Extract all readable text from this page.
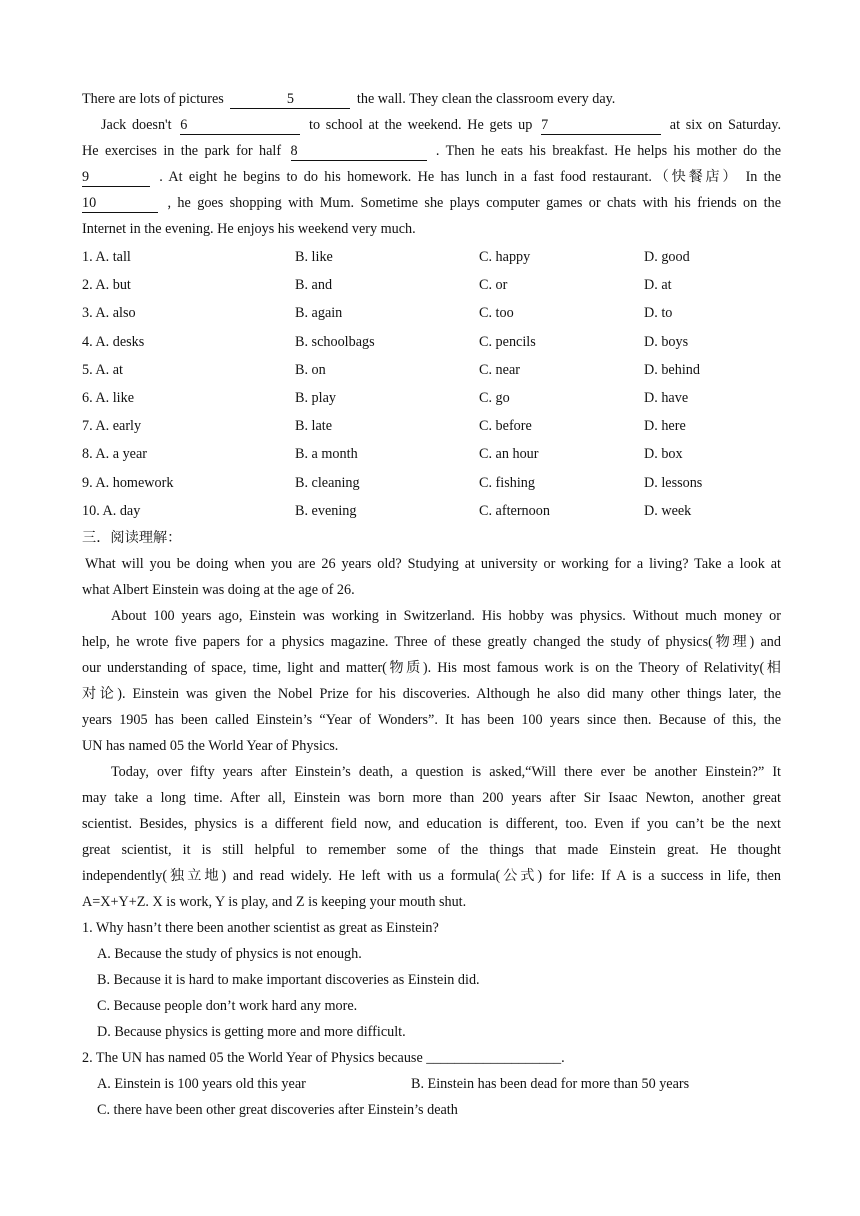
There are lots of pictures	5	the wall. They clean the classroom every day.
Jack doesn't 6	to school at the weekend. He gets up 7	at six on Saturday.
He exercises in the park for half 8	. Then he eats his breakfast. He helps his mother do the
9	. At eight he begins to do his homework. He has lunch in a fast food restaurant.（快餐店） In the
10	, he goes shopping with Mum. Sometime she plays computer games or chats with his friends on the
Internet in the evening. He enjoys his weekend very much.
1. A. tall	B. like	C. happy	D. good
2. A. but	B. and	C. or	D. at
3. A. also	B. again	C. too	D. to
4. A. desks	B. schoolbags	C. pencils	D. boys
5. A. at	B. on	C. near	D. behind
6. A. like	B. play	C. go	D. have
7. A. early	B. late	C. before	D. here
8. A. a year	B. a month	C. an hour	D. box
9. A. homework	B. cleaning	C. fishing	D. lessons
10. A. day	B. evening	C. afternoon	D. week
三．阅读理解：
What will you be doing when you are 26 years old? Studying at university or working for a living? Take a look at
what Albert Einstein was doing at the age of 26.
About 100 years ago, Einstein was working in Switzerland. His hobby was physics. Without much money or
help, he wrote five papers for a physics magazine. Three of these greatly changed the study of physics(物理) and
our understanding of space, time, light and matter(物质). His most famous work is on the Theory of Relativity(相
对论). Einstein was given the Nobel Prize for his discoveries. Although he also did many other things later, the
years 1905 has been called Einstein’s “Year of Wonders”. It has been 100 years since then. Because of this, the
UN has named 05 the World Year of Physics.
Today, over fifty years after Einstein’s death, a question is asked,“Will there ever be another Einstein?” It
may take a long time. After all, Einstein was born more than 200 years after Sir Isaac Newton, another great
scientist. Besides, physics is a different field now, and education is different, too. Even if you can’t be the next
great scientist, it is still helpful to remember some of the things that made Einstein great. He thought
independently(独立地) and read widely. He left with us a formula(公式) for life: If A is a success in life, then
A=X+Y+Z. X is work, Y is play, and Z is keeping your mouth shut.
1. Why hasn’t there been another scientist as great as Einstein?
A. Because the study of physics is not enough.
B. Because it is hard to make important discoveries as Einstein did.
C. Because people don’t work hard any more.
D. Because physics is getting more and more difficult.
2. The UN has named 05 the World Year of Physics because ___________________.
A. Einstein is 100 years old this year	B. Einstein has been dead for more than 50 years
C. there have been other great discoveries after Einstein’s death
